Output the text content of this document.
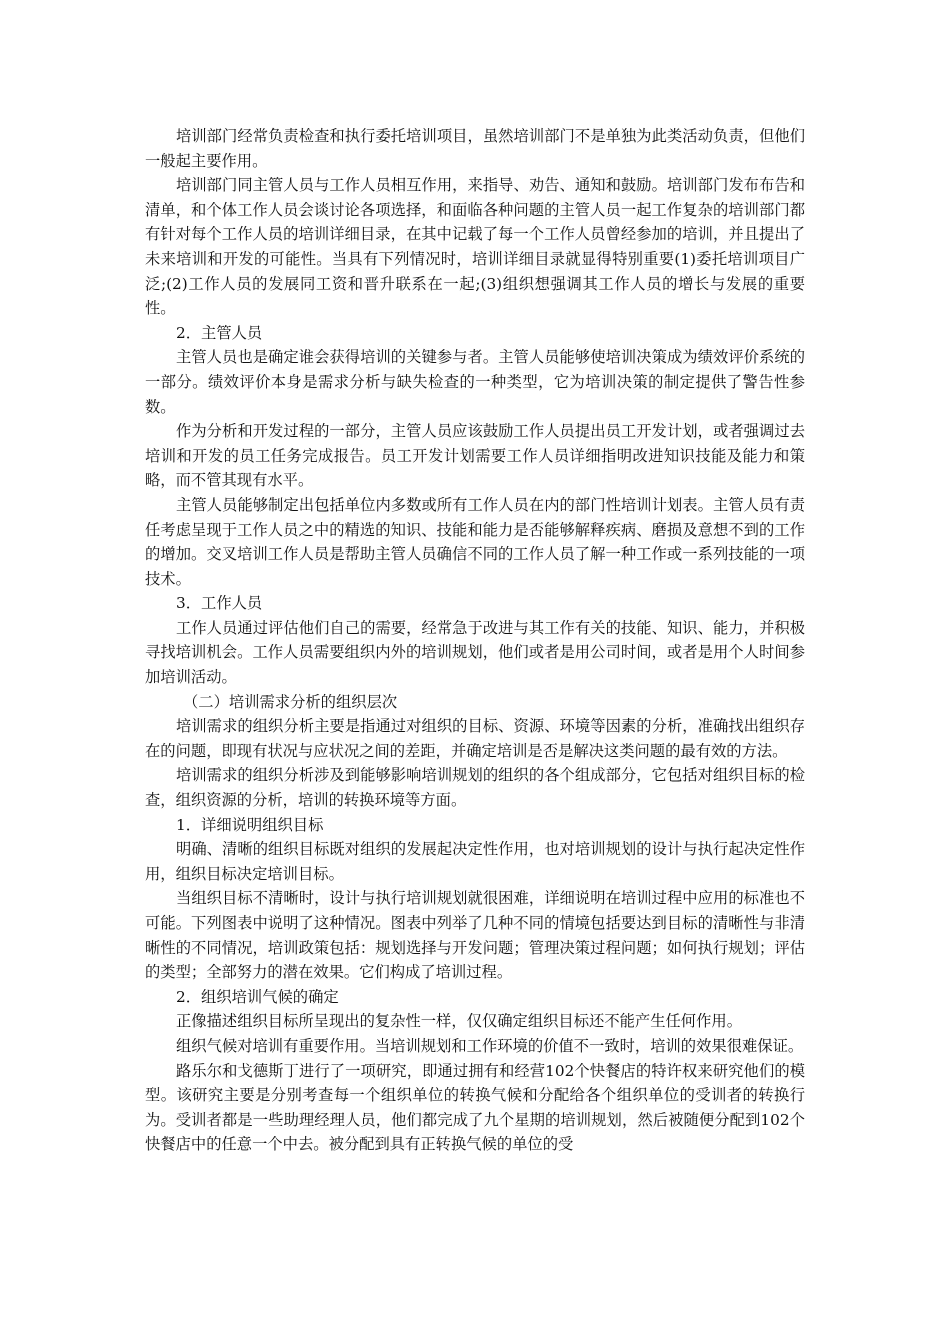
培训部门经常负责检查和执行委托培训项目，虽然培训部门不是单独为此类活动负责，但他们一般起主要作用。

培训部门同主管人员与工作人员相互作用，来指导、劝告、通知和鼓励。培训部门发布布告和清单，和个体工作人员会谈讨论各项选择，和面临各种问题的主管人员一起工作复杂的培训部门都有针对每个工作人员的培训详细目录，在其中记载了每一个工作人员曾经参加的培训，并且提出了未来培训和开发的可能性。当具有下列情况时，培训详细目录就显得特别重要(1)委托培训项目广泛;(2)工作人员的发展同工资和晋升联系在一起;(3)组织想强调其工作人员的增长与发展的重要性。

2．主管人员

主管人员也是确定谁会获得培训的关键参与者。主管人员能够使培训决策成为绩效评价系统的一部分。绩效评价本身是需求分析与缺失检查的一种类型，它为培训决策的制定提供了警告性参数。

作为分析和开发过程的一部分，主管人员应该鼓励工作人员提出员工开发计划，或者强调过去培训和开发的员工任务完成报告。员工开发计划需要工作人员详细指明改进知识技能及能力和策略，而不管其现有水平。

主管人员能够制定出包括单位内多数或所有工作人员在内的部门性培训计划表。主管人员有责任考虑呈现于工作人员之中的精选的知识、技能和能力是否能够解释疾病、磨损及意想不到的工作的增加。交叉培训工作人员是帮助主管人员确信不同的工作人员了解一种工作或一系列技能的一项技术。

3．工作人员

工作人员通过评估他们自己的需要，经常急于改进与其工作有关的技能、知识、能力，并积极寻找培训机会。工作人员需要组织内外的培训规划，他们或者是用公司时间，或者是用个人时间参加培训活动。

（二）培训需求分析的组织层次

培训需求的组织分析主要是指通过对组织的目标、资源、环境等因素的分析，准确找出组织存在的问题，即现有状况与应状况之间的差距，并确定培训是否是解决这类问题的最有效的方法。

培训需求的组织分析涉及到能够影响培训规划的组织的各个组成部分，它包括对组织目标的检查，组织资源的分析，培训的转换环境等方面。

1．详细说明组织目标

明确、清晰的组织目标既对组织的发展起决定性作用，也对培训规划的设计与执行起决定性作用，组织目标决定培训目标。

当组织目标不清晰时，设计与执行培训规划就很困难，详细说明在培训过程中应用的标准也不可能。下列图表中说明了这种情况。图表中列举了几种不同的情境包括要达到目标的清晰性与非清晰性的不同情况，培训政策包括：规划选择与开发问题；管理决策过程问题；如何执行规划；评估的类型；全部努力的潜在效果。它们构成了培训过程。

2．组织培训气候的确定

正像描述组织目标所呈现出的复杂性一样，仅仅确定组织目标还不能产生任何作用。

组织气候对培训有重要作用。当培训规划和工作环境的价值不一致时，培训的效果很难保证。

路乐尔和戈德斯丁进行了一项研究，即通过拥有和经营102个快餐店的特许权来研究他们的模型。该研究主要是分别考查每一个组织单位的转换气候和分配给各个组织单位的受训者的转换行为。受训者都是一些助理经理人员，他们都完成了九个星期的培训规划，然后被随便分配到102个快餐店中的任意一个中去。被分配到具有正转换气候的单位的受
